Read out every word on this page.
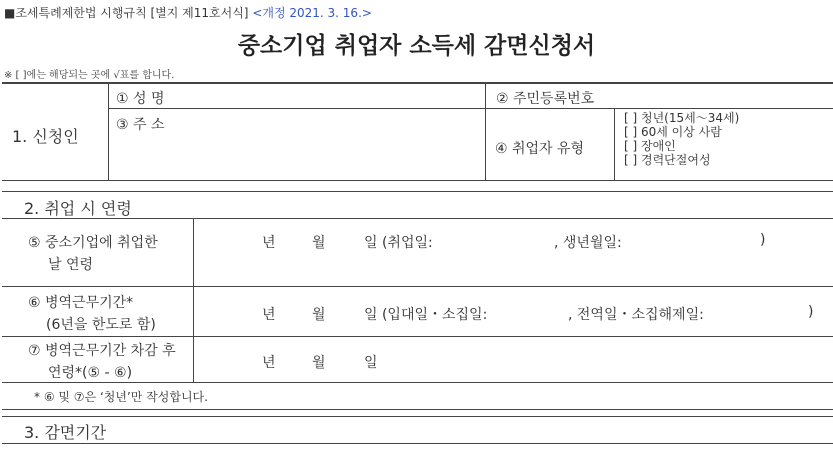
■조세특례제한법 시행규칙 [별지 제11호서식] <개정 2021. 3. 16.>
중소기업 취업자 소득세 감면신청서
※ [ ]에는 해당되는 곳에 √표를 합니다.
1. 신청인
① 성 명	② 주민등록번호
③ 주 소
④ 취업자 유형
[ ] 청년(15세～34세)
[ ] 60세 이상 사람
[ ] 장애인
[ ] 경력단절여성
2. 취업 시 연령
⑤ 중소기업에 취업한
날 연령
년	월	일 (취업일:	, 생년월일:	)
⑥ 병역근무기간*
(6년을 한도로 함)
년	월	일 (입대일・소집일:	, 전역일・소집해제일:	)
⑦ 병역근무기간 차감 후
연령*(⑤ - ⑥)
년	월	일
* ⑥ 및 ⑦은 ‘청년’만 작성합니다.
3. 감면기간
